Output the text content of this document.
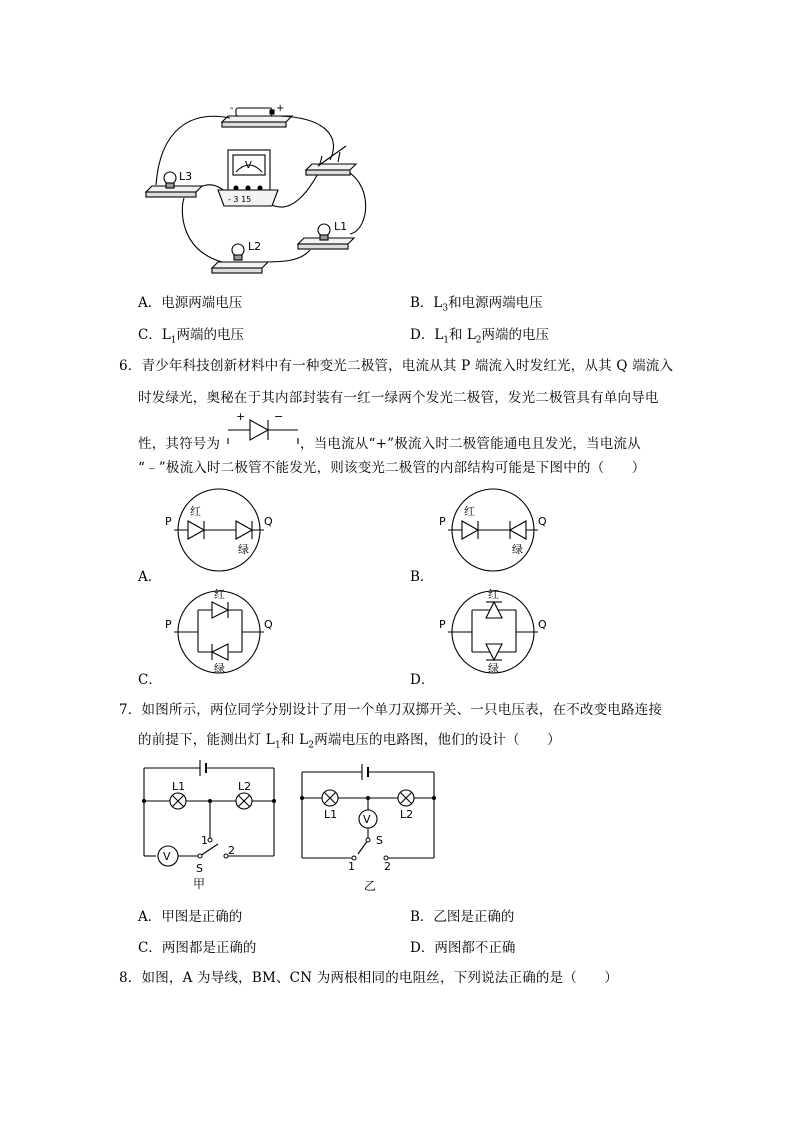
-	+
V
- 3 15
L3
L2
L1
A．电源两端电压	B．$L_3$和电源两端电压
C．$L_1$两端的电压	D．$L_1$和 $L_2$两端的电压
6．青少年科技创新材料中有一种变光二极管，电流从其 P 端流入时发红光，从其 Q 端流入
时发绿光，奥秘在于其内部封装有一红一绿两个发光二极管，发光二极管具有单向导电
性，其符号为
+	−
，当电流从“+”极流入时二极管能通电且发光，当电流从
“﹣”极流入时二极管不能发光，则该变光二极管的内部结构可能是下图中的（　　）
P	Q
红
绿
A．
P	Q
红
绿
B．
P	Q
红
绿
C．
P	Q
红
绿
D．
7．如图所示，两位同学分别设计了用一个单刀双掷开关、一只电压表，在不改变电路连接
的前提下，能测出灯 $L_1$和 $L_2$两端电压的电路图，他们的设计（　　）
L1	L2
V
1
2
S
甲
L1	L2
V
S
1	2
乙
A．甲图是正确的	B．乙图是正确的
C．两图都是正确的	D．两图都不正确
8．如图，A 为导线，BM、CN 为两根相同的电阻丝，下列说法正确的是（　　）
